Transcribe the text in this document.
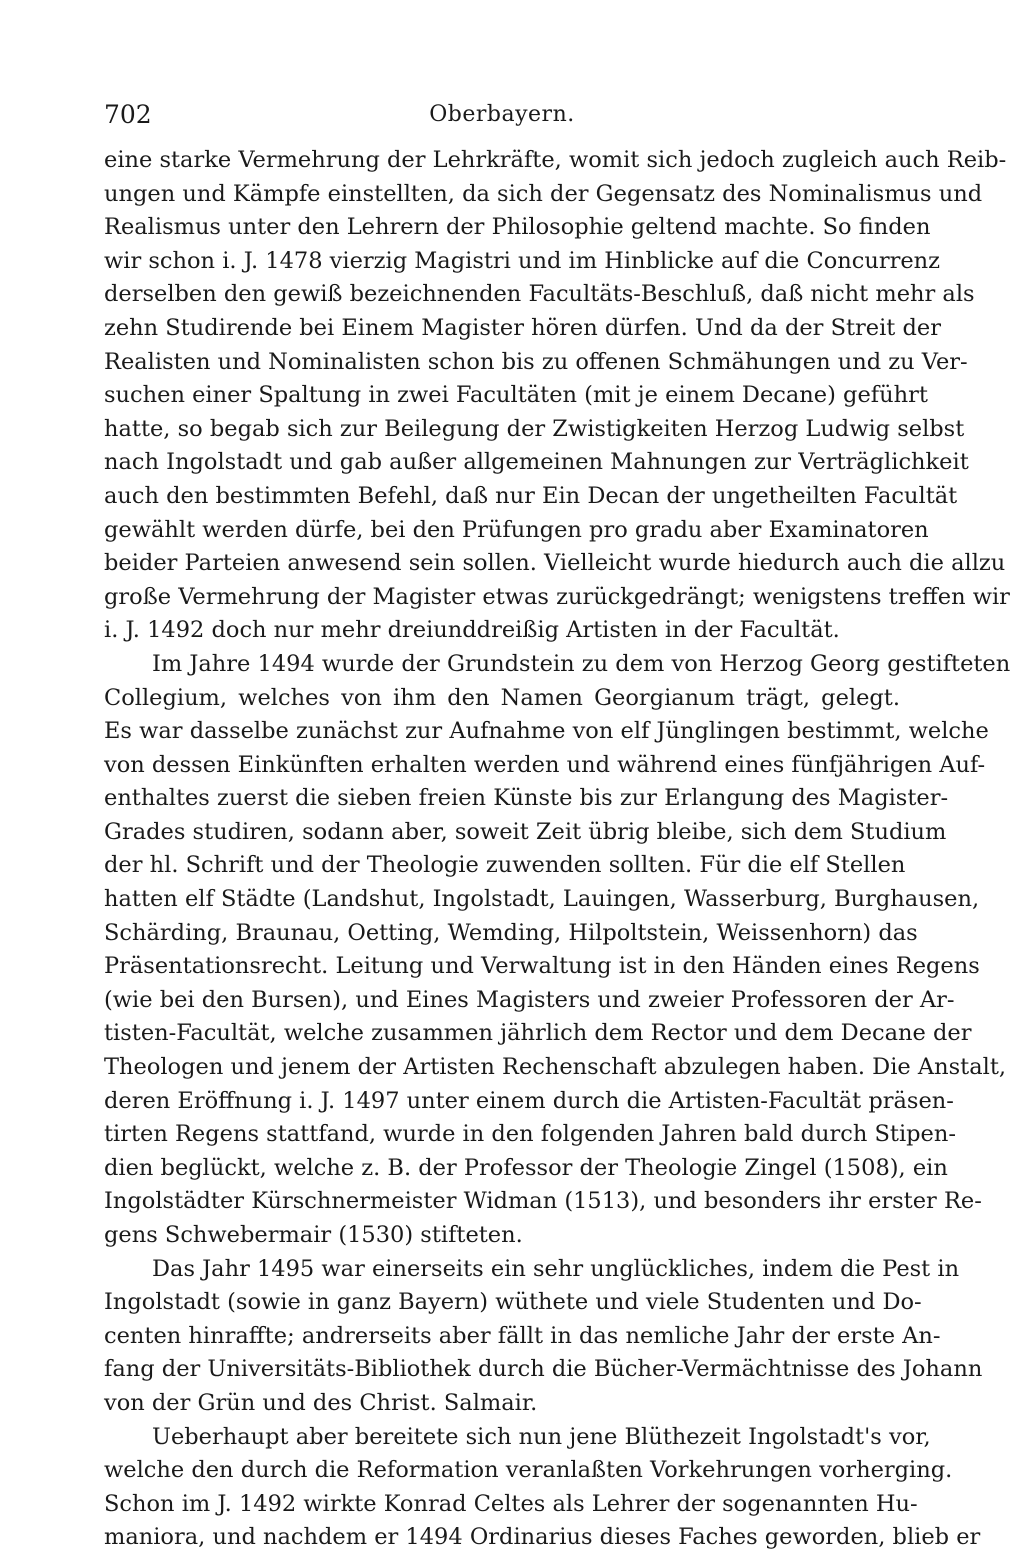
702	Oberbayern.
eine starke Vermehrung der Lehrkräfte, womit sich jedoch zugleich auch Reib-
ungen und Kämpfe einstellten, da sich der Gegensatz des Nominalismus und
Realismus unter den Lehrern der Philosophie geltend machte. So finden
wir schon i. J. 1478 vierzig Magistri und im Hinblicke auf die Concurrenz
derselben den gewiß bezeichnenden Facultäts-Beschluß, daß nicht mehr als
zehn Studirende bei Einem Magister hören dürfen. Und da der Streit der
Realisten und Nominalisten schon bis zu offenen Schmähungen und zu Ver-
suchen einer Spaltung in zwei Facultäten (mit je einem Decane) geführt
hatte, so begab sich zur Beilegung der Zwistigkeiten Herzog Ludwig selbst
nach Ingolstadt und gab außer allgemeinen Mahnungen zur Verträglichkeit
auch den bestimmten Befehl, daß nur Ein Decan der ungetheilten Facultät
gewählt werden dürfe, bei den Prüfungen pro gradu aber Examinatoren
beider Parteien anwesend sein sollen. Vielleicht wurde hiedurch auch die allzu
große Vermehrung der Magister etwas zurückgedrängt; wenigstens treffen wir
i. J. 1492 doch nur mehr dreiunddreißig Artisten in der Facultät.
Im Jahre 1494 wurde der Grundstein zu dem von Herzog Georg gestifteten
Collegium, welches von ihm den Namen Georgianum trägt, gelegt.
Es war dasselbe zunächst zur Aufnahme von elf Jünglingen bestimmt, welche
von dessen Einkünften erhalten werden und während eines fünfjährigen Auf-
enthaltes zuerst die sieben freien Künste bis zur Erlangung des Magister-
Grades studiren, sodann aber, soweit Zeit übrig bleibe, sich dem Studium
der hl. Schrift und der Theologie zuwenden sollten. Für die elf Stellen
hatten elf Städte (Landshut, Ingolstadt, Lauingen, Wasserburg, Burghausen,
Schärding, Braunau, Oetting, Wemding, Hilpoltstein, Weissenhorn) das
Präsentationsrecht. Leitung und Verwaltung ist in den Händen eines Regens
(wie bei den Bursen), und Eines Magisters und zweier Professoren der Ar-
tisten-Facultät, welche zusammen jährlich dem Rector und dem Decane der
Theologen und jenem der Artisten Rechenschaft abzulegen haben. Die Anstalt,
deren Eröffnung i. J. 1497 unter einem durch die Artisten-Facultät präsen-
tirten Regens stattfand, wurde in den folgenden Jahren bald durch Stipen-
dien beglückt, welche z. B. der Professor der Theologie Zingel (1508), ein
Ingolstädter Kürschnermeister Widman (1513), und besonders ihr erster Re-
gens Schwebermair (1530) stifteten.
Das Jahr 1495 war einerseits ein sehr unglückliches, indem die Pest in
Ingolstadt (sowie in ganz Bayern) wüthete und viele Studenten und Do-
centen hinraffte; andrerseits aber fällt in das nemliche Jahr der erste An-
fang der Universitäts-Bibliothek durch die Bücher-Vermächtnisse des Johann
von der Grün und des Christ. Salmair.
Ueberhaupt aber bereitete sich nun jene Blüthezeit Ingolstadt's vor,
welche den durch die Reformation veranlaßten Vorkehrungen vorherging.
Schon im J. 1492 wirkte Konrad Celtes als Lehrer der sogenannten Hu-
maniora, und nachdem er 1494 Ordinarius dieses Faches geworden, blieb er
